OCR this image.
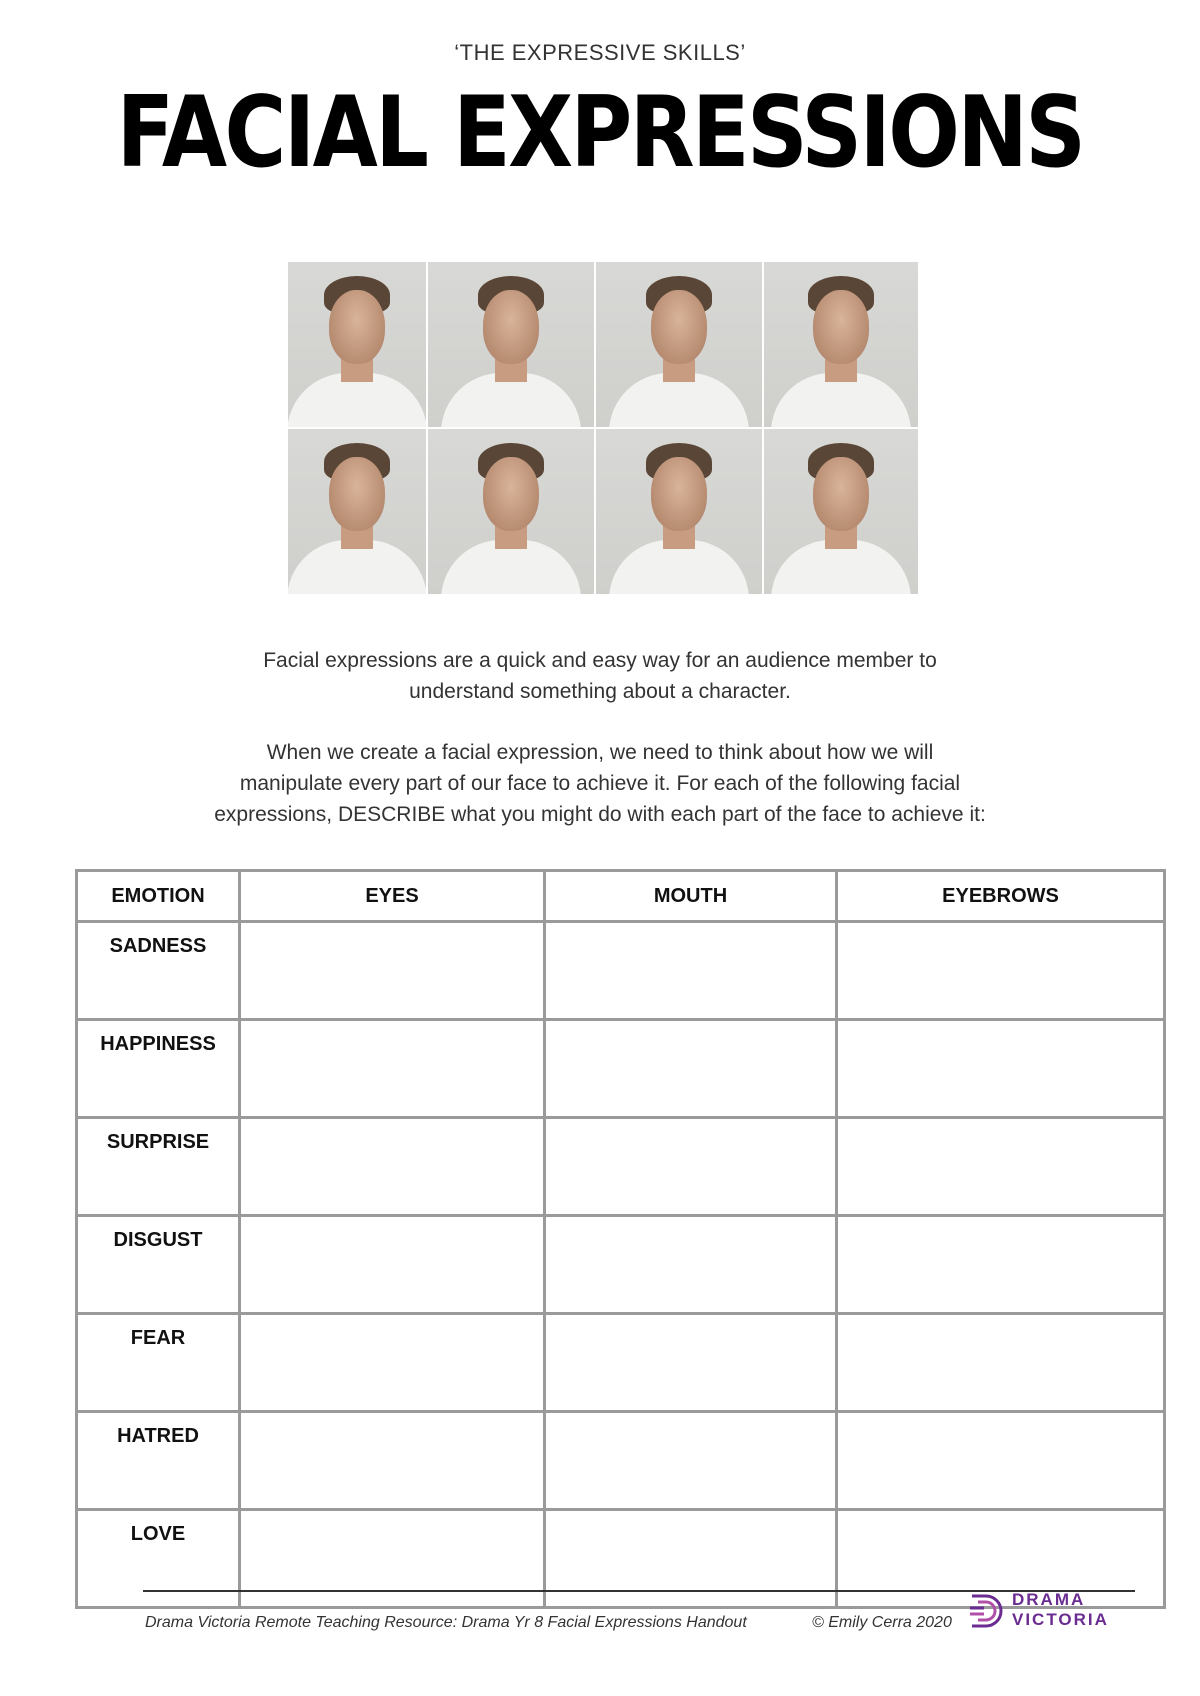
‘THE EXPRESSIVE SKILLS’
FACIAL EXPRESSIONS
Facial expressions are a quick and easy way for an audience member to
understand something about a character.
When we create a facial expression, we need to think about how we will
manipulate every part of our face to achieve it. For each of the following facial
expressions, DESCRIBE what you might do with each part of the face to achieve it:
EMOTION	EYES	MOUTH	EYEBROWS
SADNESS			
HAPPINESS			
SURPRISE			
DISGUST			
FEAR			
HATRED			
LOVE			
Drama Victoria Remote Teaching Resource: Drama Yr 8 Facial Expressions Handout	© Emily Cerra 2020
DRAMA
VICTORIA
